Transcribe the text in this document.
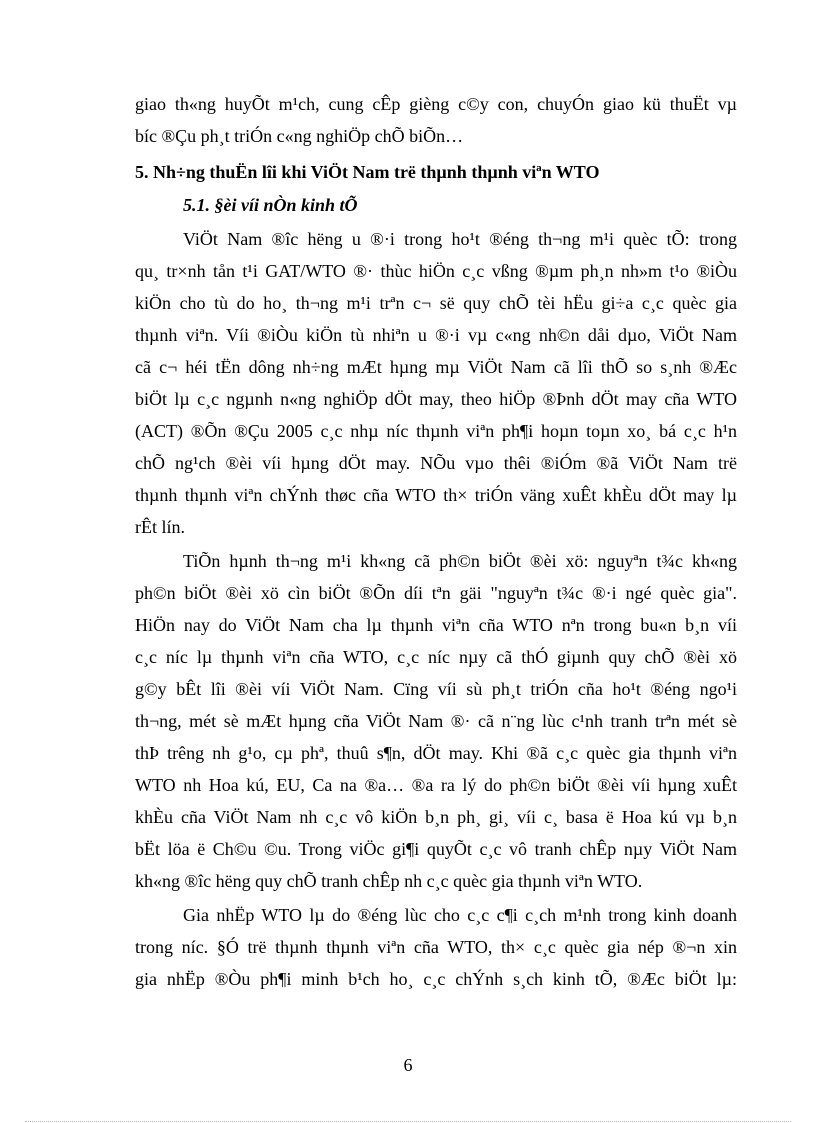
giao th«ng huyÕt m¹ch, cung cÊp gièng c©y con, chuyÓn giao kü thuËt vµ
bíc ®Çu ph¸t triÓn c«ng nghiÖp chÕ biÕn…
5. Nh÷ng thuËn lîi khi ViÖt Nam trë thµnh thµnh viªn WTO
5.1. §èi víi nÒn kinh tÕ
ViÖt Nam ®îc hëng u ®·i trong ho¹t ®éng th¬ng m¹i quèc tÕ: trong
qu¸ tr×nh tån t¹i GAT/WTO ®· thùc hiÖn c¸c vßng ®µm ph¸n nh»m t¹o ®iÒu
kiÖn cho tù do ho¸ th¬ng m¹i trªn c¬ së quy chÕ tèi hËu gi÷a c¸c quèc gia
thµnh viªn. Víi ®iÒu kiÖn tù nhiªn u ®·i vµ c«ng nh©n dåi dµo, ViÖt Nam
cã c¬ héi tËn dông nh÷ng mÆt hµng mµ ViÖt Nam cã lîi thÕ so s¸nh ®Æc
biÖt lµ c¸c ngµnh n«ng nghiÖp dÖt may, theo hiÖp ®Þnh dÖt may cña WTO
(ACT) ®Õn ®Çu 2005 c¸c nhµ níc thµnh viªn ph¶i hoµn toµn xo¸ bá c¸c h¹n
chÕ ng¹ch ®èi víi hµng dÖt may. NÕu vµo thêi ®iÓm ®ã ViÖt Nam trë
thµnh thµnh viªn chÝnh thøc cña WTO th× triÓn väng xuÊt khÈu dÖt may lµ
rÊt lín.
TiÕn hµnh th¬ng m¹i kh«ng cã ph©n biÖt ®èi xö: nguyªn t¾c kh«ng
ph©n biÖt ®èi xö cìn biÖt ®Õn díi tªn gäi "nguyªn t¾c ®·i ngé quèc gia".
HiÖn nay do ViÖt Nam cha lµ thµnh viªn cña WTO nªn trong bu«n b¸n víi
c¸c níc lµ thµnh viªn cña WTO, c¸c níc nµy cã thÓ giµnh quy chÕ ®èi xö
g©y bÊt lîi ®èi víi ViÖt Nam. Cïng víi sù ph¸t triÓn cña ho¹t ®éng ngo¹i
th¬ng, mét sè mÆt hµng cña ViÖt Nam ®· cã n¨ng lùc c¹nh tranh trªn mét sè
thÞ trêng nh g¹o, cµ phª, thuû s¶n, dÖt may. Khi ®ã c¸c quèc gia thµnh viªn
WTO nh Hoa kú, EU, Ca na ®a… ®a ra lý do ph©n biÖt ®èi víi hµng xuÊt
khÈu cña ViÖt Nam nh c¸c vô kiÖn b¸n ph¸ gi¸ víi c¸ basa ë Hoa kú vµ b¸n
bËt löa ë Ch©u ©u. Trong viÖc gi¶i quyÕt c¸c vô tranh chÊp nµy ViÖt Nam
kh«ng ®îc hëng quy chÕ tranh chÊp nh c¸c quèc gia thµnh viªn WTO.
Gia nhËp WTO lµ do ®éng lùc cho c¸c c¶i c¸ch m¹nh trong kinh doanh
trong níc. §Ó trë thµnh thµnh viªn cña WTO, th× c¸c quèc gia nép ®¬n xin
gia nhËp ®Òu ph¶i minh b¹ch ho¸ c¸c chÝnh s¸ch kinh tÕ, ®Æc biÖt lµ:
6
